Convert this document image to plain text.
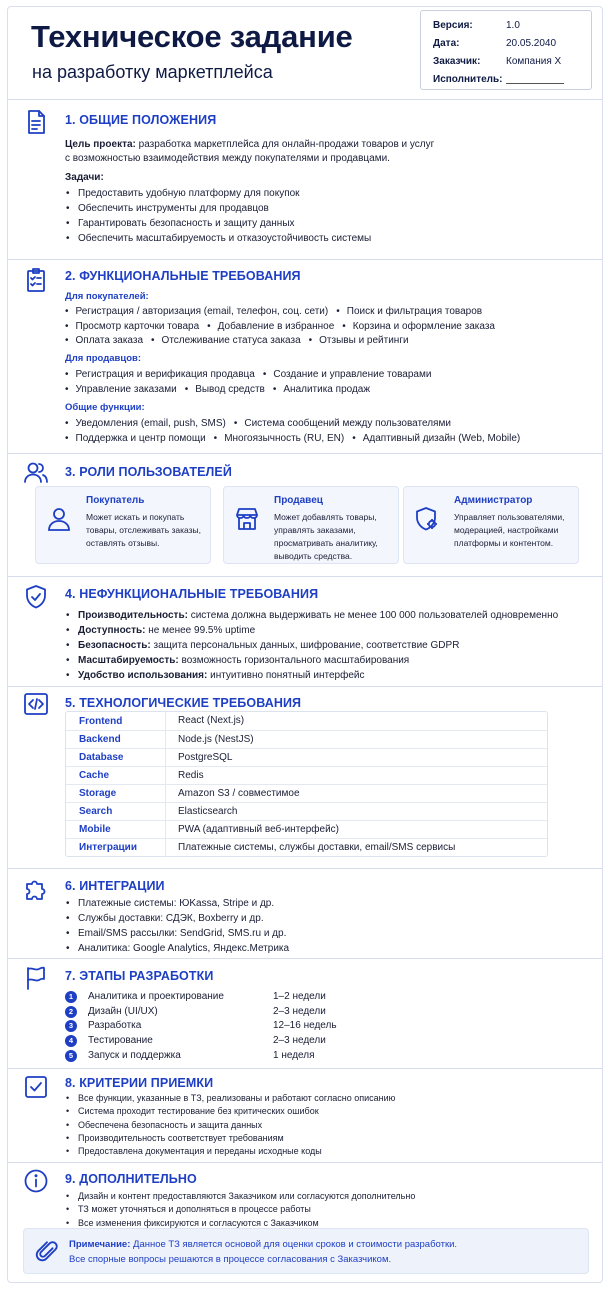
Техническое задание
на разработку маркетплейса
Версия:	1.0
Дата:	20.05.2040
Заказчик:	Компания X
Исполнитель:
1. ОБЩИЕ ПОЛОЖЕНИЯ
Цель проекта: разработка маркетплейса для онлайн-продажи товаров и услуг
с возможностью взаимодействия между покупателями и продавцами.
Задачи:
• Предоставить удобную платформу для покупок
• Обеспечить инструменты для продавцов
• Гарантировать безопасность и защиту данных
• Обеспечить масштабируемость и отказоустойчивость системы
2. ФУНКЦИОНАЛЬНЫЕ ТРЕБОВАНИЯ
Для покупателей:
• Регистрация / авторизация (email, телефон, соц. сети) • Поиск и фильтрация товаров
• Просмотр карточки товара • Добавление в избранное • Корзина и оформление заказа
• Оплата заказа • Отслеживание статуса заказа • Отзывы и рейтинги
Для продавцов:
• Регистрация и верификация продавца • Создание и управление товарами
• Управление заказами • Вывод средств • Аналитика продаж
Общие функции:
• Уведомления (email, push, SMS) • Система сообщений между пользователями
• Поддержка и центр помощи • Многоязычность (RU, EN) • Адаптивный дизайн (Web, Mobile)
3. РОЛИ ПОЛЬЗОВАТЕЛЕЙ
Покупатель
Может искать и покупать
товары, отслеживать заказы,
оставлять отзывы.
Продавец
Может добавлять товары,
управлять заказами,
просматривать аналитику,
выводить средства.
Администратор
Управляет пользователями,
модерацией, настройками
платформы и контентом.
4. НЕФУНКЦИОНАЛЬНЫЕ ТРЕБОВАНИЯ
• Производительность: система должна выдерживать не менее 100 000 пользователей одновременно
• Доступность: не менее 99.5% uptime
• Безопасность: защита персональных данных, шифрование, соответствие GDPR
• Масштабируемость: возможность горизонтального масштабирования
• Удобство использования: интуитивно понятный интерфейс
5. ТЕХНОЛОГИЧЕСКИЕ ТРЕБОВАНИЯ
Frontend	React (Next.js)
Backend	Node.js (NestJS)
Database	PostgreSQL
Cache	Redis
Storage	Amazon S3 / совместимое
Search	Elasticsearch
Mobile	PWA (адаптивный веб-интерфейс)
Интеграции	Платежные системы, службы доставки, email/SMS сервисы
6. ИНТЕГРАЦИИ
• Платежные системы: ЮKassa, Stripe и др.
• Службы доставки: СДЭК, Boxberry и др.
• Email/SMS рассылки: SendGrid, SMS.ru и др.
• Аналитика: Google Analytics, Яндекс.Метрика
7. ЭТАПЫ РАЗРАБОТКИ
1	Аналитика и проектирование	1–2 недели
2	Дизайн (UI/UX)	2–3 недели
3	Разработка	12–16 недель
4	Тестирование	2–3 недели
5	Запуск и поддержка	1 неделя
8. КРИТЕРИИ ПРИЕМКИ
• Все функции, указанные в ТЗ, реализованы и работают согласно описанию
• Система проходит тестирование без критических ошибок
• Обеспечена безопасность и защита данных
• Производительность соответствует требованиям
• Предоставлена документация и переданы исходные коды
9. ДОПОЛНИТЕЛЬНО
• Дизайн и контент предоставляются Заказчиком или согласуются дополнительно
• ТЗ может уточняться и дополняться в процессе работы
• Все изменения фиксируются и согласуются с Заказчиком
Примечание: Данное ТЗ является основой для оценки сроков и стоимости разработки.
Все спорные вопросы решаются в процессе согласования с Заказчиком.
